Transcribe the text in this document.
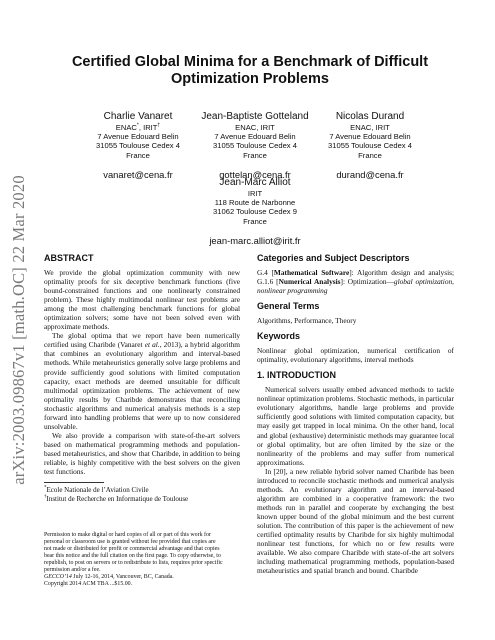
arXiv:2003.09867v1 [math.OC] 22 Mar 2020
Certified Global Minima for a Benchmark of Difficult
Optimization Problems
Charlie Vanaret
ENAC*, IRIT†
7 Avenue Edouard Belin
31055 Toulouse Cedex 4
France
vanaret@cena.fr
Jean-Baptiste Gotteland
ENAC, IRIT
7 Avenue Edouard Belin
31055 Toulouse Cedex 4
France
gottelan@cena.fr
Nicolas Durand
ENAC, IRIT
7 Avenue Edouard Belin
31055 Toulouse Cedex 4
France
durand@cena.fr
Jean-Marc Alliot
IRIT
118 Route de Narbonne
31062 Toulouse Cedex 9
France
jean-marc.alliot@irit.fr
ABSTRACT

We provide the global optimization community with new optimality proofs for six deceptive benchmark functions (five bound-constrained functions and one nonlinearly constrained problem). These highly multimodal nonlinear test problems are among the most challenging benchmark functions for global optimization solvers; some have not been solved even with approximate methods.

The global optima that we report have been numerically certified using Charibde (Vanaret et al., 2013), a hybrid algorithm that combines an evolutionary algorithm and interval-based methods. While metaheuristics generally solve large problems and provide sufficiently good solutions with limited computation capacity, exact methods are deemed unsuitable for difficult multimodal optimization problems. The achievement of new optimality results by Charibde demonstrates that reconciling stochastic algorithms and numerical analysis methods is a step forward into handling problems that were up to now considered unsolvable.

We also provide a comparison with state-of-the-art solvers based on mathematical programming methods and population-based metaheuristics, and show that Charibde, in addition to being reliable, is highly competitive with the best solvers on the given test functions.

*Ecole Nationale de l’Aviation Civile
†Institut de Recherche en Informatique de Toulouse
Permission to make digital or hard copies of all or part of this work for
personal or classroom use is granted without fee provided that copies are
not made or distributed for profit or commercial advantage and that copies
bear this notice and the full citation on the first page. To copy otherwise, to
republish, to post on servers or to redistribute to lists, requires prior specific
permission and/or a fee.
GECCO’14 July 12-16, 2014, Vancouver, BC, Canada.
Copyright 2014 ACM TBA ...$15.00.
Categories and Subject Descriptors

G.4 [Mathematical Software]: Algorithm design and analysis; G.1.6 [Numerical Analysis]: Optimization—global optimization, nonlinear programming

General Terms

Algorithms, Performance, Theory

Keywords

Nonlinear global optimization, numerical certification of optimality, evolutionary algorithms, interval methods

1. INTRODUCTION

Numerical solvers usually embed advanced methods to tackle nonlinear optimization problems. Stochastic methods, in particular evolutionary algorithms, handle large problems and provide sufficiently good solutions with limited computation capacity, but may easily get trapped in local minima. On the other hand, local and global (exhaustive) deterministic methods may guarantee local or global optimality, but are often limited by the size or the nonlinearity of the problems and may suffer from numerical approximations.

In [20], a new reliable hybrid solver named Charibde has been introduced to reconcile stochastic methods and numerical analysis methods. An evolutionary algorithm and an interval-based algorithm are combined in a cooperative framework: the two methods run in parallel and cooperate by exchanging the best known upper bound of the global minimum and the best current solution. The contribution of this paper is the achievement of new certified optimality results by Charibde for six highly multimodal nonlinear test functions, for which no or few results were available. We also compare Charibde with state-of-the art solvers including mathematical programming methods, population-based metaheuristics and spatial branch and bound. Charibde
